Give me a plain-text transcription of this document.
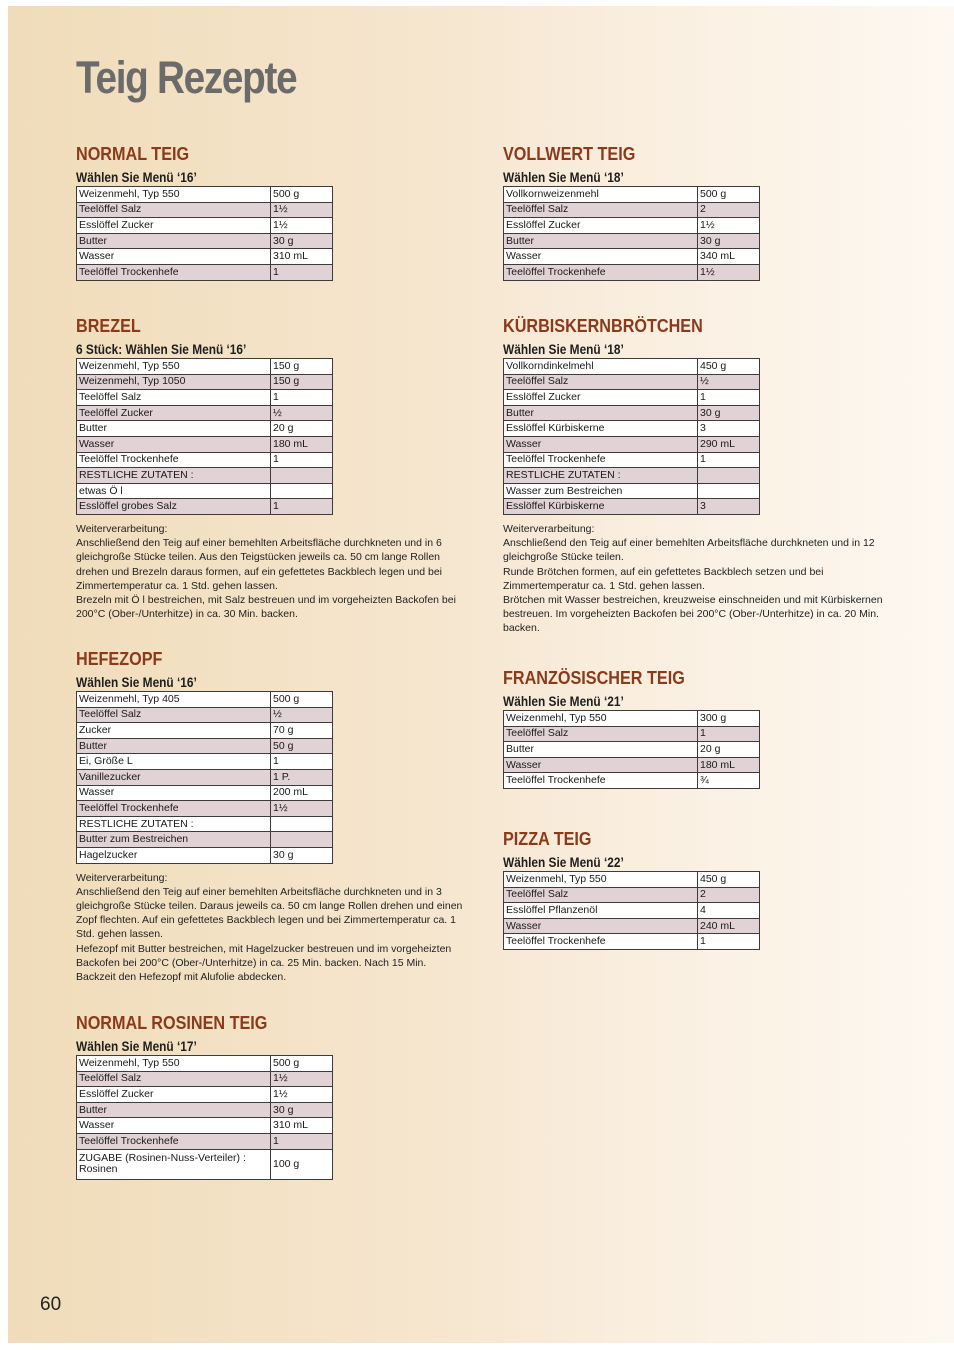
Teig Rezepte
NORMAL TEIG
Wählen Sie Menü ‘16’
Weizenmehl, Typ 550	500 g
Teelöffel Salz	1½
Esslöffel Zucker	1½
Butter	30 g
Wasser	310 mL
Teelöffel Trockenhefe	1
BREZEL
6 Stück: Wählen Sie Menü ‘16’
Weizenmehl, Typ 550	150 g
Weizenmehl, Typ 1050	150 g
Teelöffel Salz	1
Teelöffel Zucker	½
Butter	20 g
Wasser	180 mL
Teelöffel Trockenhefe	1
RESTLICHE ZUTATEN :	
etwas Ö l	
Esslöffel grobes Salz	1
Weiterverarbeitung:
Anschließend den Teig auf einer bemehlten Arbeitsfläche durchkneten und in 6
gleichgroße Stücke teilen. Aus den Teigstücken jeweils ca. 50 cm lange Rollen
drehen und Brezeln daraus formen, auf ein gefettetes Backblech legen und bei
Zimmertemperatur ca. 1 Std. gehen lassen.
Brezeln mit Ö l bestreichen, mit Salz bestreuen und im vorgeheizten Backofen bei
200°C (Ober-/Unterhitze) in ca. 30 Min. backen.
HEFEZOPF
Wählen Sie Menü ‘16’
Weizenmehl, Typ 405	500 g
Teelöffel Salz	½
Zucker	70 g
Butter	50 g
Ei, Größe L	1
Vanillezucker	1 P.
Wasser	200 mL
Teelöffel Trockenhefe	1½
RESTLICHE ZUTATEN :	
Butter zum Bestreichen	
Hagelzucker	30 g
Weiterverarbeitung:
Anschließend den Teig auf einer bemehlten Arbeitsfläche durchkneten und in 3
gleichgroße Stücke teilen. Daraus jeweils ca. 50 cm lange Rollen drehen und einen
Zopf flechten. Auf ein gefettetes Backblech legen und bei Zimmertemperatur ca. 1
Std. gehen lassen.
Hefezopf mit Butter bestreichen, mit Hagelzucker bestreuen und im vorgeheizten
Backofen bei 200°C (Ober-/Unterhitze) in ca. 25 Min. backen. Nach 15 Min.
Backzeit den Hefezopf mit Alufolie abdecken.
NORMAL ROSINEN TEIG
Wählen Sie Menü ‘17’
Weizenmehl, Typ 550	500 g
Teelöffel Salz	1½
Esslöffel Zucker	1½
Butter	30 g
Wasser	310 mL
Teelöffel Trockenhefe	1
ZUGABE (Rosinen-Nuss-Verteiler) : Rosinen	100 g
VOLLWERT TEIG
Wählen Sie Menü ‘18’
Vollkornweizenmehl	500 g
Teelöffel Salz	2
Esslöffel Zucker	1½
Butter	30 g
Wasser	340 mL
Teelöffel Trockenhefe	1½
KÜRBISKERNBRÖTCHEN
Wählen Sie Menü ‘18’
Vollkorndinkelmehl	450 g
Teelöffel Salz	½
Esslöffel Zucker	1
Butter	30 g
Esslöffel Kürbiskerne	3
Wasser	290 mL
Teelöffel Trockenhefe	1
RESTLICHE ZUTATEN :	
Wasser zum Bestreichen	
Esslöffel Kürbiskerne	3
Weiterverarbeitung:
Anschließend den Teig auf einer bemehlten Arbeitsfläche durchkneten und in 12
gleichgroße Stücke teilen.
Runde Brötchen formen, auf ein gefettetes Backblech setzen und bei
Zimmertemperatur ca. 1 Std. gehen lassen.
Brötchen mit Wasser bestreichen, kreuzweise einschneiden und mit Kürbiskernen
bestreuen. Im vorgeheizten Backofen bei 200°C (Ober-/Unterhitze) in ca. 20 Min.
backen.
FRANZÖSISCHER TEIG
Wählen Sie Menü ‘21’
Weizenmehl, Typ 550	300 g
Teelöffel Salz	1
Butter	20 g
Wasser	180 mL
Teelöffel Trockenhefe	¾
PIZZA TEIG
Wählen Sie Menü ‘22’
Weizenmehl, Typ 550	450 g
Teelöffel Salz	2
Esslöffel Pflanzenöl	4
Wasser	240 mL
Teelöffel Trockenhefe	1
60
